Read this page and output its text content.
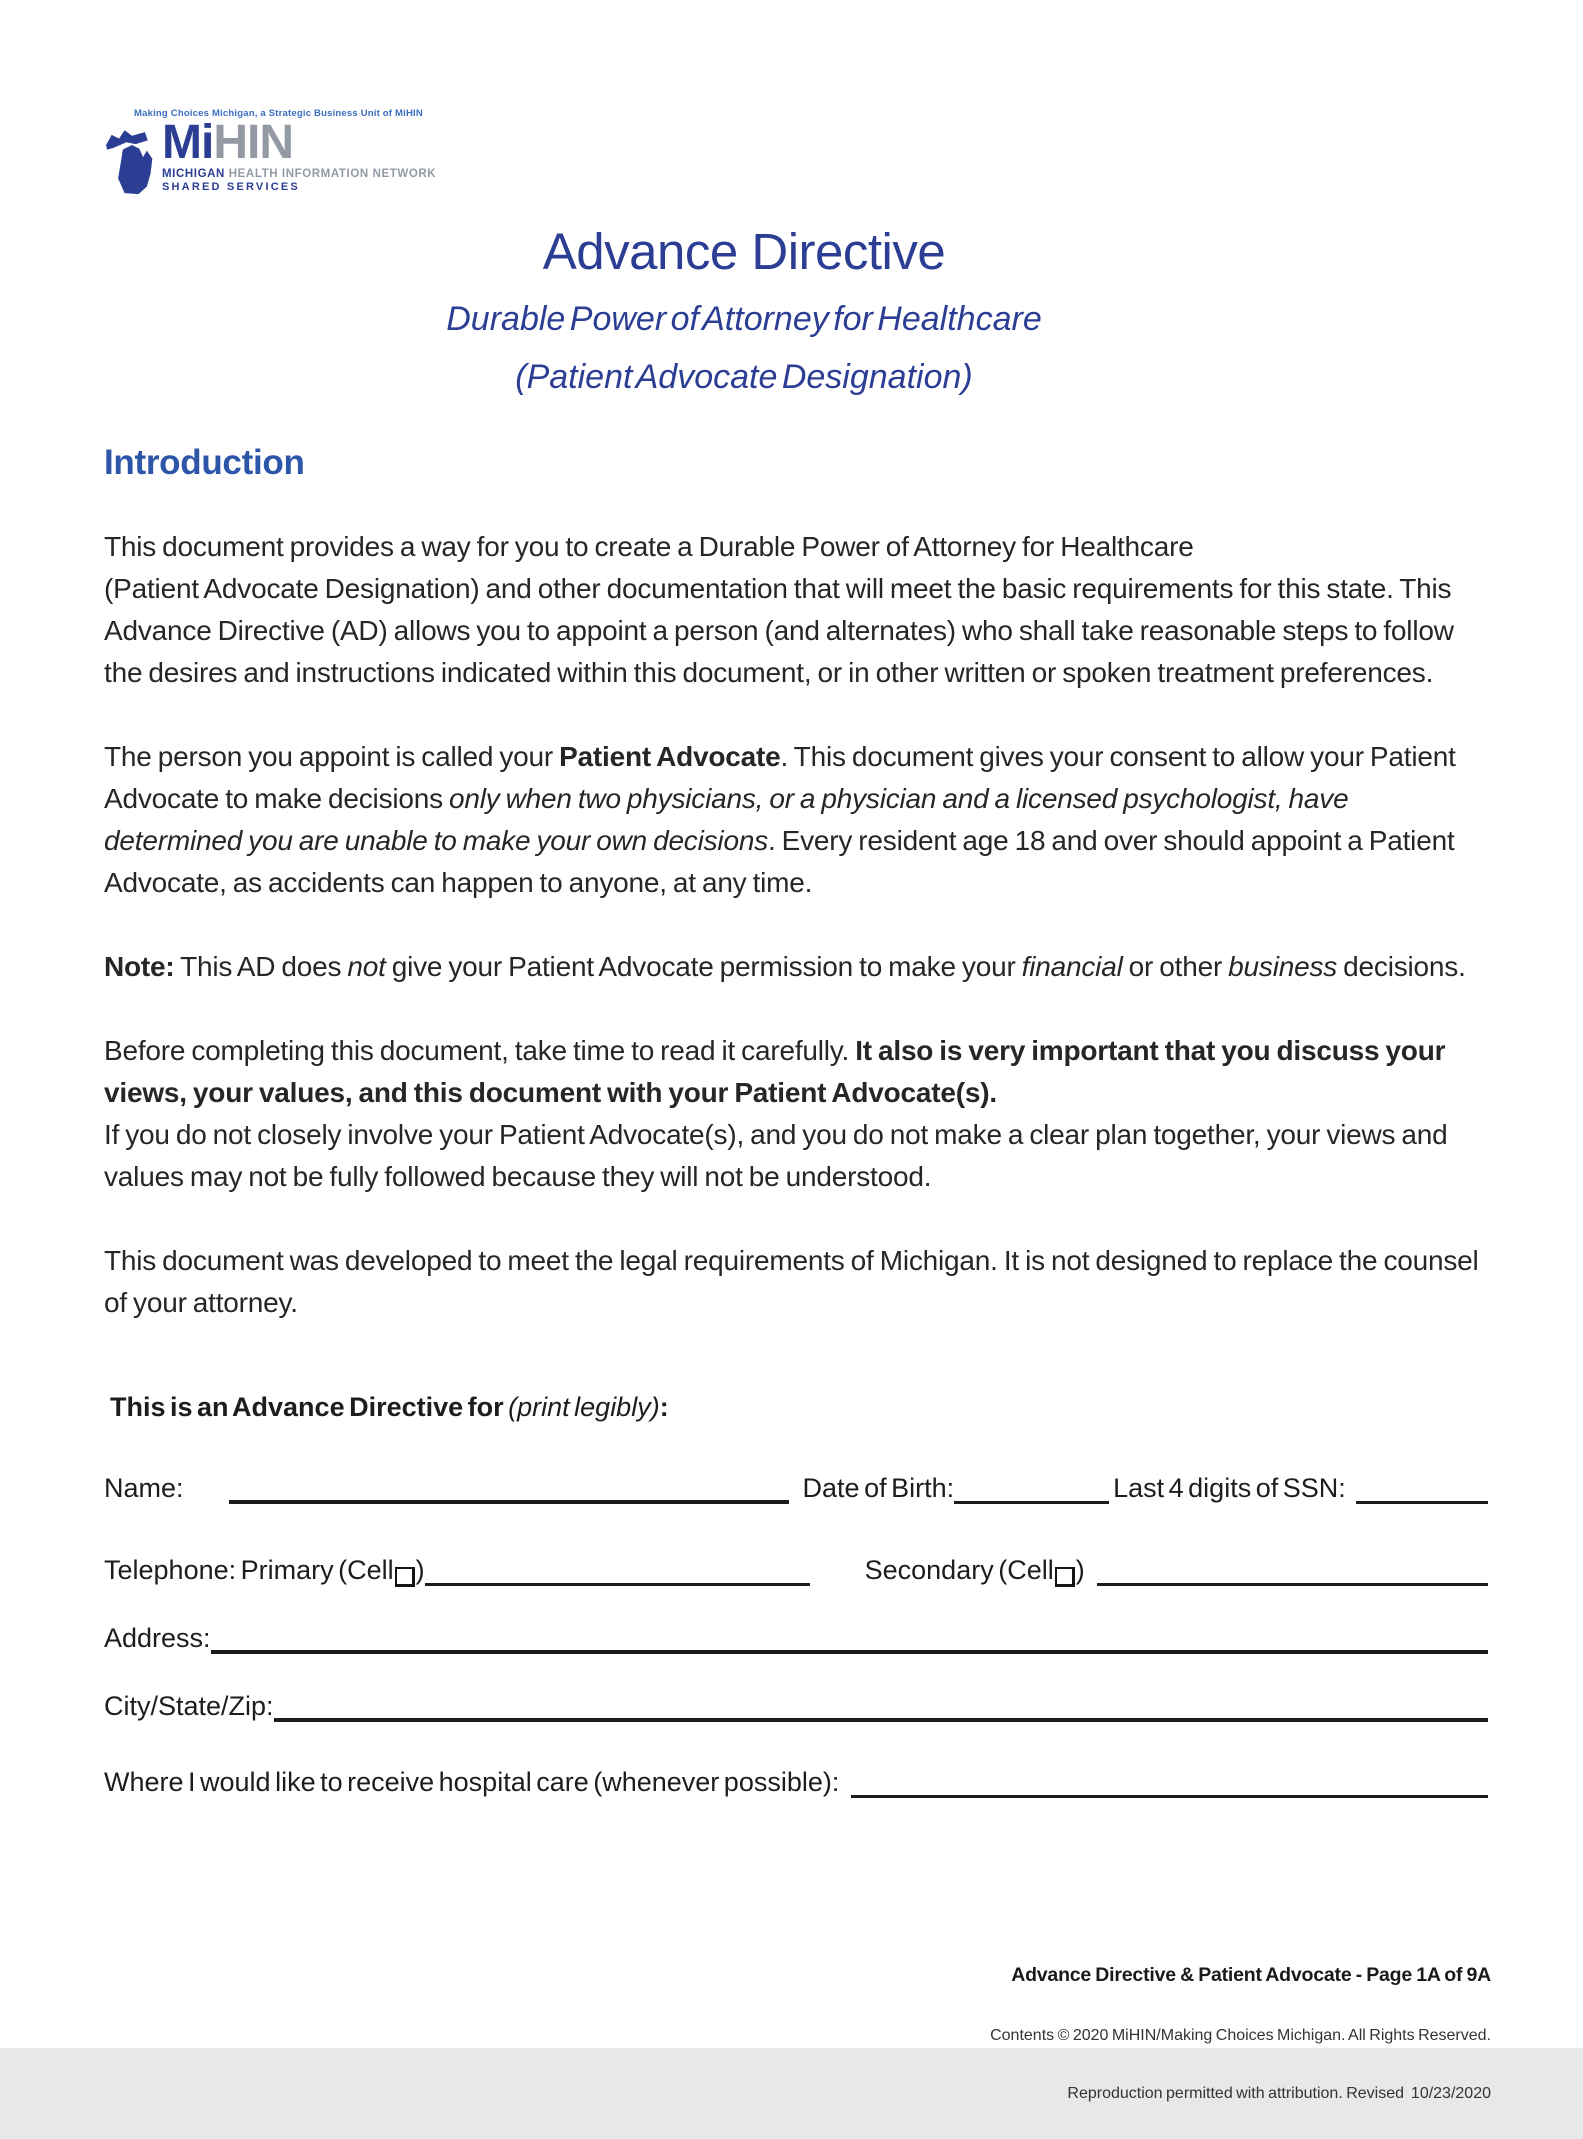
Making Choices Michigan, a Strategic Business Unit of MiHIN
MiHIN
MICHIGAN HEALTH INFORMATION NETWORK
SHARED SERVICES
Advance Directive
Durable Power of Attorney for Healthcare
(Patient Advocate Designation)
Introduction
This document provides a way for you to create a Durable Power of Attorney for Healthcare
(Patient Advocate Designation) and other documentation that will meet the basic requirements for this state. This Advance Directive (AD) allows you to appoint a person (and alternates) who shall take reasonable steps to follow the desires and instructions indicated within this document, or in other written or spoken treatment preferences.
The person you appoint is called your Patient Advocate. This document gives your consent to allow your Patient Advocate to make decisions only when two physicians, or a physician and a licensed psychologist, have determined you are unable to make your own decisions. Every resident age 18 and over should appoint a Patient Advocate, as accidents can happen to anyone, at any time.
Note: This AD does not give your Patient Advocate permission to make your financial or other business decisions.
Before completing this document, take time to read it carefully. It also is very important that you discuss your views, your values, and this document with your Patient Advocate(s).
If you do not closely involve your Patient Advocate(s), and you do not make a clear plan together, your views and values may not be fully followed because they will not be understood.
This document was developed to meet the legal requirements of Michigan. It is not designed to replace the counsel of your attorney.
This is an Advance Directive for (print legibly):
Name:	Date of Birth:	Last 4 digits of SSN:
Telephone: Primary (Cell )	Secondary (Cell )
Address:
City/State/Zip:
Where I would like to receive hospital care (whenever possible):

Advance Directive & Patient Advocate - Page 1A of 9A

Contents © 2020 MiHIN/Making Choices Michigan. All Rights Reserved.

Reproduction permitted with attribution. Revised  10/23/2020
